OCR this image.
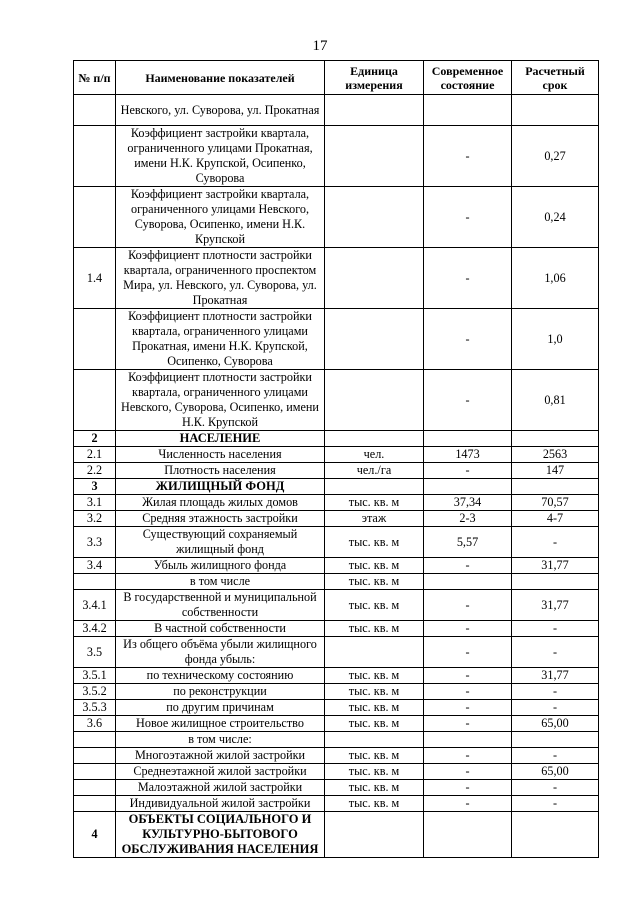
17
№ п/п	Наименование показателей	Единица измерения	Современное состояние	Расчетный срок
	Невского, ул. Суворова, ул. Прокатная			
	Коэффициент застройки квартала, ограниченного улицами Прокатная, имени Н.К. Крупской, Осипенко, Суворова		-	0,27
	Коэффициент застройки квартала, ограниченного улицами Невского, Суворова, Осипенко, имени Н.К. Крупской		-	0,24
1.4	Коэффициент плотности застройки квартала, ограниченного проспектом Мира, ул. Невского, ул. Суворова, ул. Прокатная		-	1,06
	Коэффициент плотности застройки квартала, ограниченного улицами Прокатная, имени Н.К. Крупской, Осипенко, Суворова		-	1,0
	Коэффициент плотности застройки квартала, ограниченного улицами Невского, Суворова, Осипенко, имени Н.К. Крупской		-	0,81
2	НАСЕЛЕНИЕ			
2.1	Численность населения	чел.	1473	2563
2.2	Плотность населения	чел./га	-	147
3	ЖИЛИЩНЫЙ ФОНД			
3.1	Жилая площадь жилых домов	тыс. кв. м	37,34	70,57
3.2	Средняя этажность застройки	этаж	2-3	4-7
3.3	Существующий сохраняемый жилищный фонд	тыс. кв. м	5,57	-
3.4	Убыль жилищного фонда	тыс. кв. м	-	31,77
	в том числе	тыс. кв. м		
3.4.1	В государственной и муниципальной собственности	тыс. кв. м	-	31,77
3.4.2	В частной собственности	тыс. кв. м	-	-
3.5	Из общего объёма убыли жилищного фонда убыль:		-	-
3.5.1	по техническому состоянию	тыс. кв. м	-	31,77
3.5.2	по реконструкции	тыс. кв. м	-	-
3.5.3	по другим причинам	тыс. кв. м	-	-
3.6	Новое жилищное строительство	тыс. кв. м	-	65,00
	в том числе:			
	Многоэтажной жилой застройки	тыс. кв. м	-	-
	Среднеэтажной жилой застройки	тыс. кв. м	-	65,00
	Малоэтажной жилой застройки	тыс. кв. м	-	-
	Индивидуальной жилой застройки	тыс. кв. м	-	-
4	ОБЪЕКТЫ СОЦИАЛЬНОГО И КУЛЬТУРНО-БЫТОВОГО ОБСЛУЖИВАНИЯ НАСЕЛЕНИЯ			
